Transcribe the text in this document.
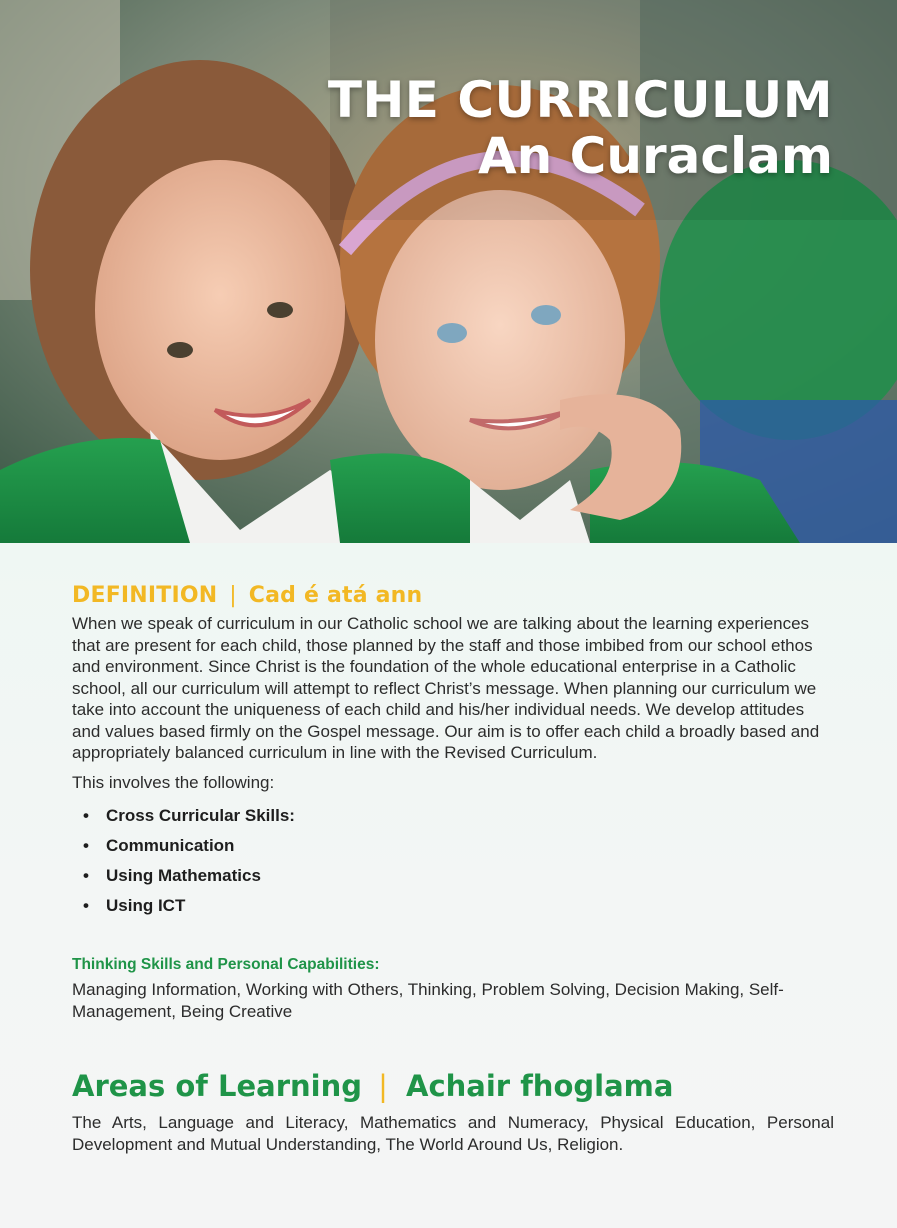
THE CURRICULUM
An Curaclam
DEFINITION | Cad é atá ann

When we speak of curriculum in our Catholic school we are talking about the learning experiences that are present for each child, those planned by the staff and those imbibed from our school ethos and environment. Since Christ is the foundation of the whole educational enterprise in a Catholic school, all our curriculum will attempt to reflect Christ’s message. When planning our curriculum we take into account the uniqueness of each child and his/her individual needs. We develop attitudes and values based firmly on the Gospel message. Our aim is to offer each child a broadly based and appropriately balanced curriculum in line with the Revised Curriculum.

This involves the following:

• Cross Curricular Skills:
• Communication
• Using Mathematics
• Using ICT
Thinking Skills and Personal Capabilities:

Managing Information, Working with Others, Thinking, Problem Solving, Decision Making, Self-Management, Being Creative

Areas of Learning | Achair fhoglama

The Arts, Language and Literacy, Mathematics and Numeracy, Physical Education, Personal Development and Mutual Understanding, The World Around Us, Religion.
